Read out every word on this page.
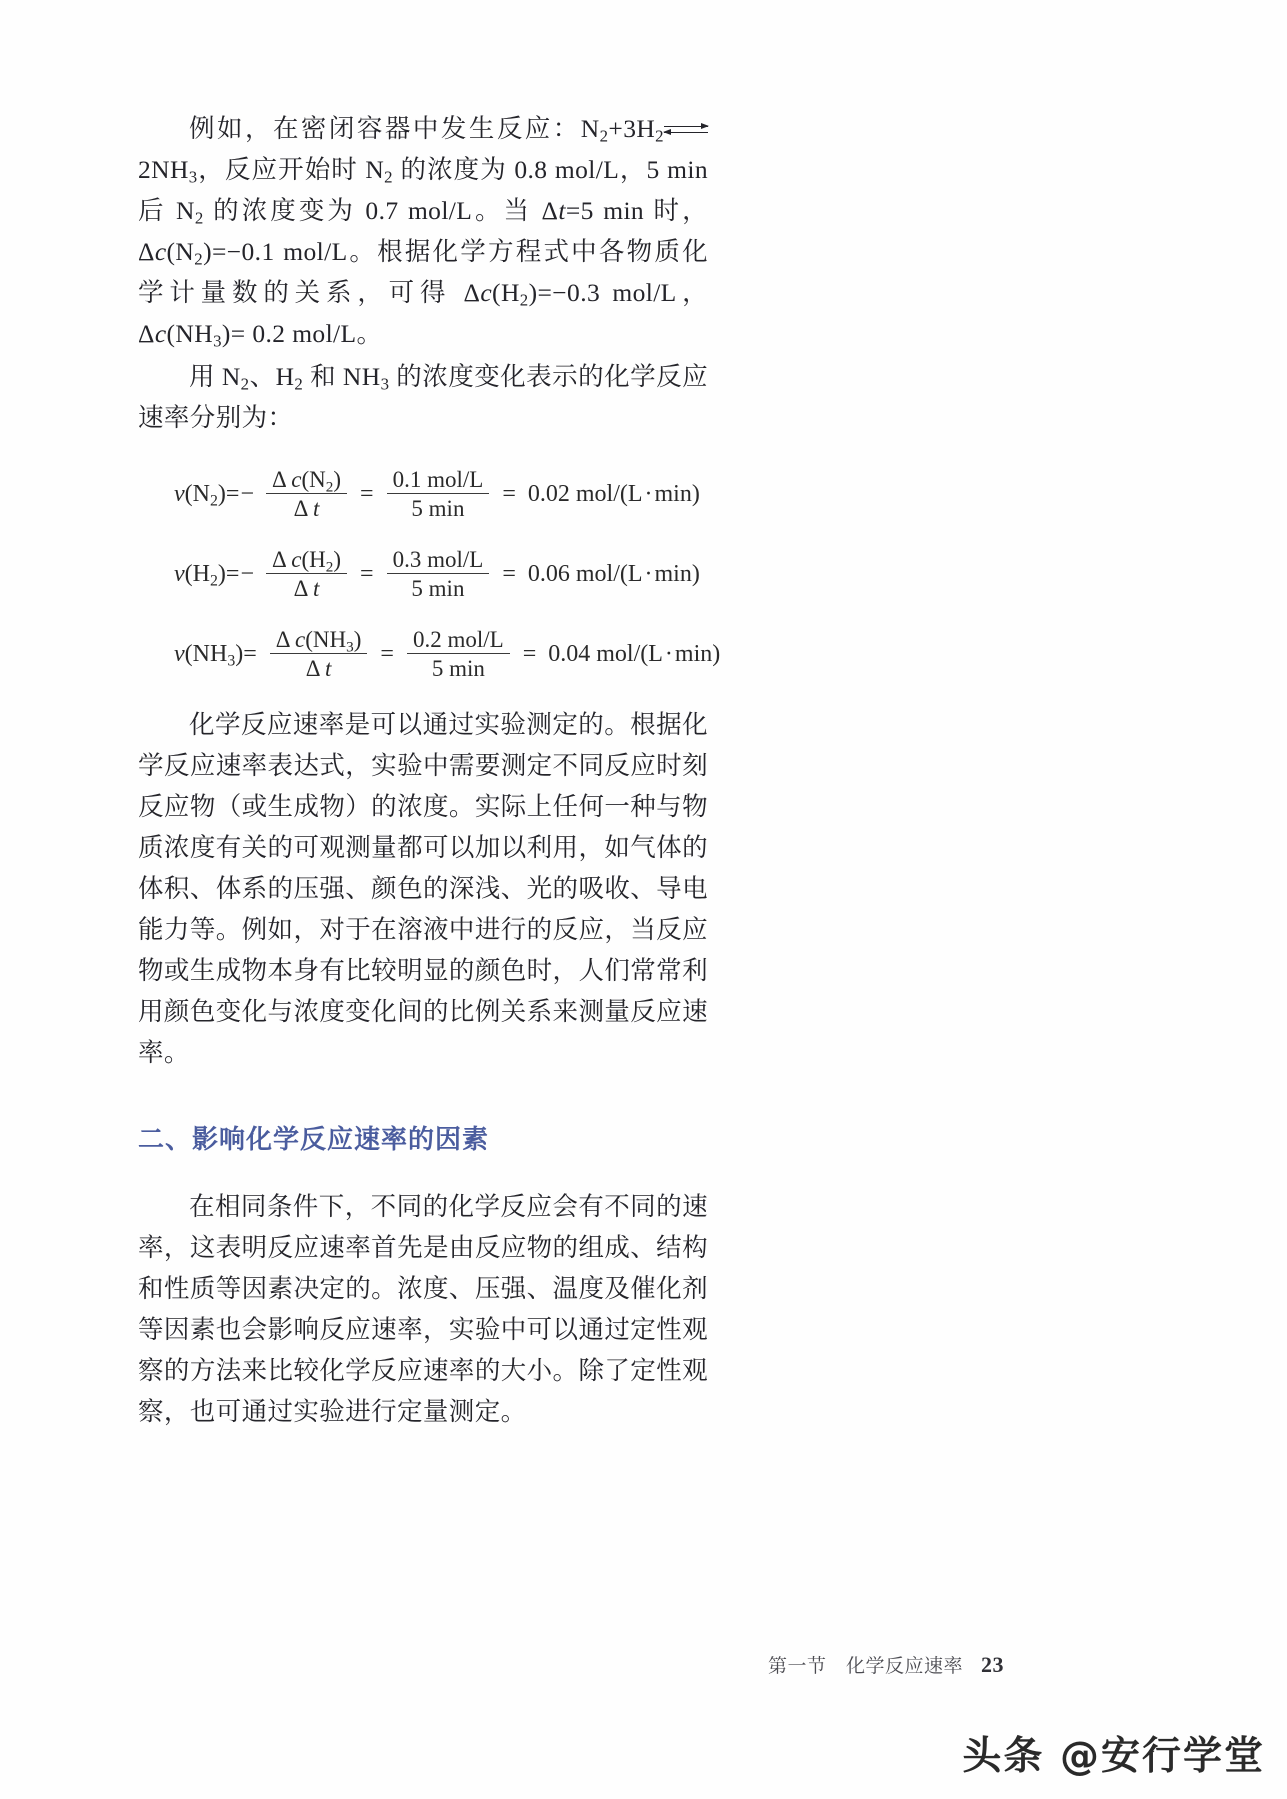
例如，在密闭容器中发生反应：$N_2+3H_2$
$2NH_3$，反应开始时 $N_2$ 的浓度为 0.8 mol/L，5 min 后 $N_2$ 的浓度变为 0.7 mol/L。当 Δt=5 min 时，$\Delta c(N_2)=-0.1$ mol/L。根据化学方程式中各物质化学计量数的关系，可得 $\Delta c(H_2)=-0.3$ mol/L，$\Delta c(NH_3)= 0.2$ mol/L。

用 $N_2$、$H_2$ 和 $NH_3$ 的浓度变化表示的化学反应速率分别为：

$v(N_2)= - \frac{\Delta c(N_2)}{\text{Δ t}} = \frac{\text{0.1 mol/L}}{5 \min} = 0.02$ mol/(L·min)
$v(H_2)= - \frac{\Delta c(H_2)}{\text{Δ t}} = \frac{\text{0.3 mol/L}}{5 \min} = 0.06$ mol/(L·min)
$v(NH_3)= \frac{\Delta c(NH_3)}{\text{Δ t}} = \frac{\text{0.2 mol/L}}{5 \min} = 0.04$ mol/(L·min)

化学反应速率是可以通过实验测定的。根据化学反应速率表达式，实验中需要测定不同反应时刻反应物（或生成物）的浓度。实际上任何一种与物质浓度有关的可观测量都可以加以利用，如气体的体积、体系的压强、颜色的深浅、光的吸收、导电能力等。例如，对于在溶液中进行的反应，当反应物或生成物本身有比较明显的颜色时，人们常常利用颜色变化与浓度变化间的比例关系来测量反应速率。

二、影响化学反应速率的因素

在相同条件下，不同的化学反应会有不同的速率，这表明反应速率首先是由反应物的组成、结构和性质等因素决定的。浓度、压强、温度及催化剂等因素也会影响反应速率，实验中可以通过定性观察的方法来比较化学反应速率的大小。除了定性观察，也可通过实验进行定量测定。

第一节　化学反应速率 23
头条 @安行学堂
